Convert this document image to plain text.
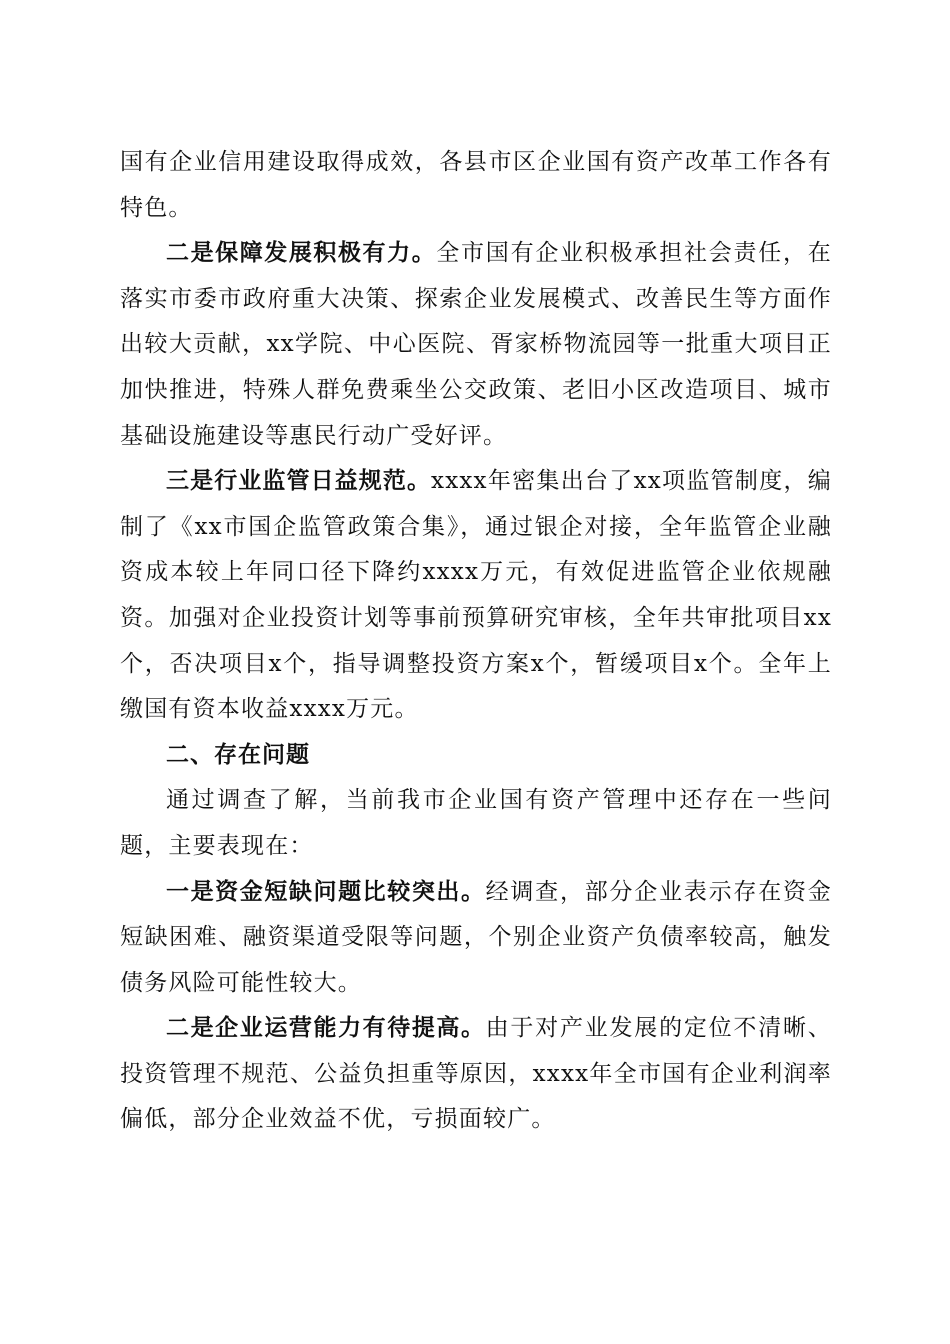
国有企业信用建设取得成效，各县市区企业国有资产改革工作各有特色。

二是保障发展积极有力。全市国有企业积极承担社会责任，在落实市委市政府重大决策、探索企业发展模式、改善民生等方面作出较大贡献，xx学院、中心医院、胥家桥物流园等一批重大项目正加快推进，特殊人群免费乘坐公交政策、老旧小区改造项目、城市基础设施建设等惠民行动广受好评。

三是行业监管日益规范。xxxx年密集出台了xx项监管制度，编制了《xx市国企监管政策合集》，通过银企对接，全年监管企业融资成本较上年同口径下降约xxxx万元，有效促进监管企业依规融资。加强对企业投资计划等事前预算研究审核，全年共审批项目xx个，否决项目x个，指导调整投资方案x个，暂缓项目x个。全年上缴国有资本收益xxxx万元。

二、存在问题

通过调查了解，当前我市企业国有资产管理中还存在一些问题，主要表现在：

一是资金短缺问题比较突出。经调查，部分企业表示存在资金短缺困难、融资渠道受限等问题，个别企业资产负债率较高，触发债务风险可能性较大。

二是企业运营能力有待提高。由于对产业发展的定位不清晰、投资管理不规范、公益负担重等原因，xxxx年全市国有企业利润率偏低，部分企业效益不优，亏损面较广。
